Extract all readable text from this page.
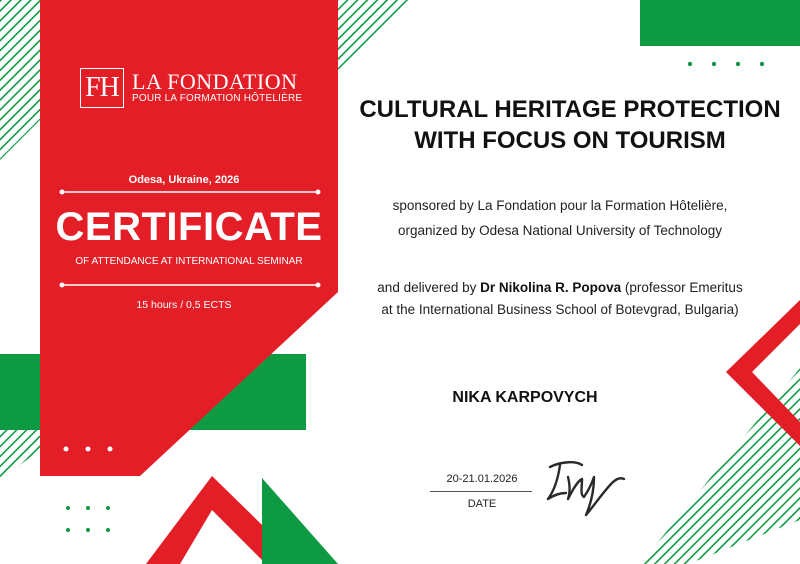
FH LA FONDATION
POUR LA FORMATION HÔTELIÈRE
Odesa, Ukraine, 2026
CERTIFICATE
OF ATTENDANCE AT INTERNATIONAL SEMINAR
15 hours / 0,5 ECTS
CULTURAL HERITAGE PROTECTION
WITH FOCUS ON TOURISM
sponsored by La Fondation pour la Formation Hôtelière,
organized by Odesa National University of Technology
and delivered by Dr Nikolina R. Popova (professor Emeritus
at the International Business School of Botevgrad, Bulgaria)
NIKA KARPOVYCH
20-21.01.2026
DATE
